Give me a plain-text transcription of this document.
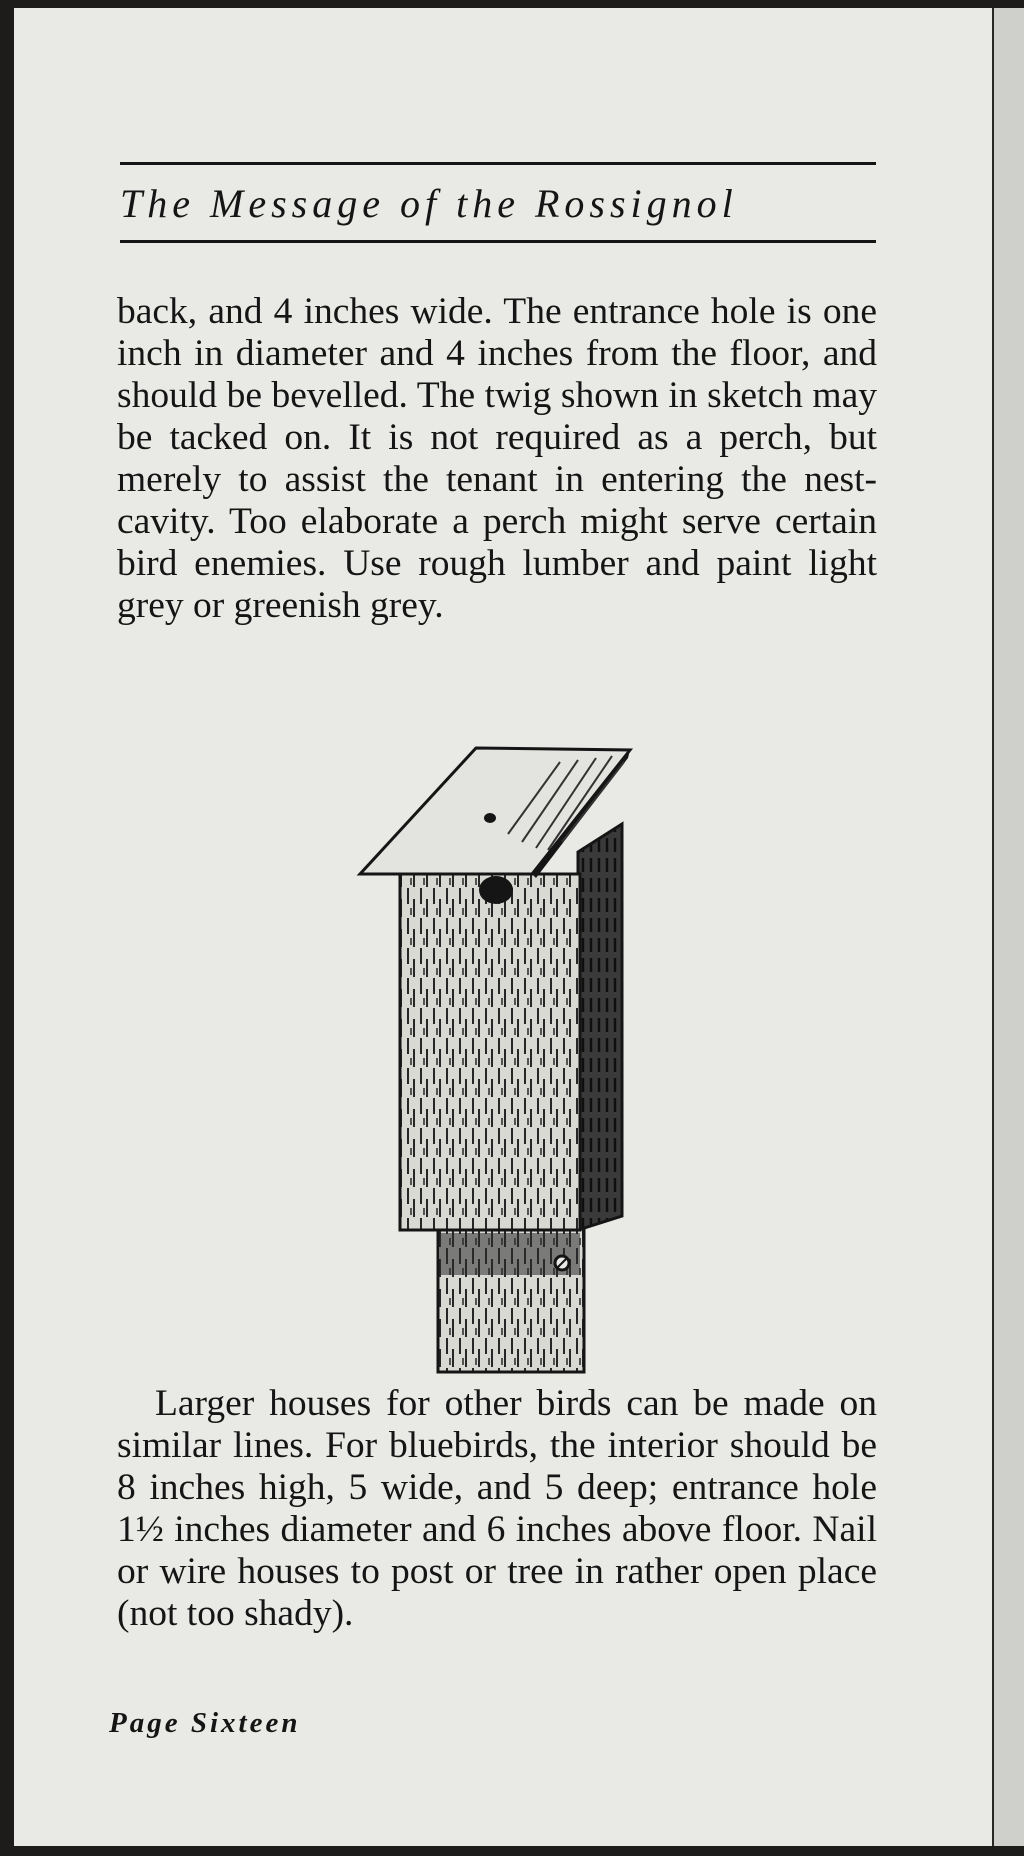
The Message of the Rossignol

back, and 4 inches wide. The entrance hole is one inch in diameter and 4 inches from the floor, and should be bevelled. The twig shown in sketch may be tacked on. It is not required as a perch, but merely to assist the tenant in entering the nest-cavity. Too elaborate a perch might serve certain bird enemies. Use rough lumber and paint light grey or greenish grey.

Larger houses for other birds can be made on similar lines. For bluebirds, the interior should be 8 inches high, 5 wide, and 5 deep; entrance hole 1½ inches diameter and 6 inches above floor. Nail or wire houses to post or tree in rather open place (not too shady).

Page Sixteen
